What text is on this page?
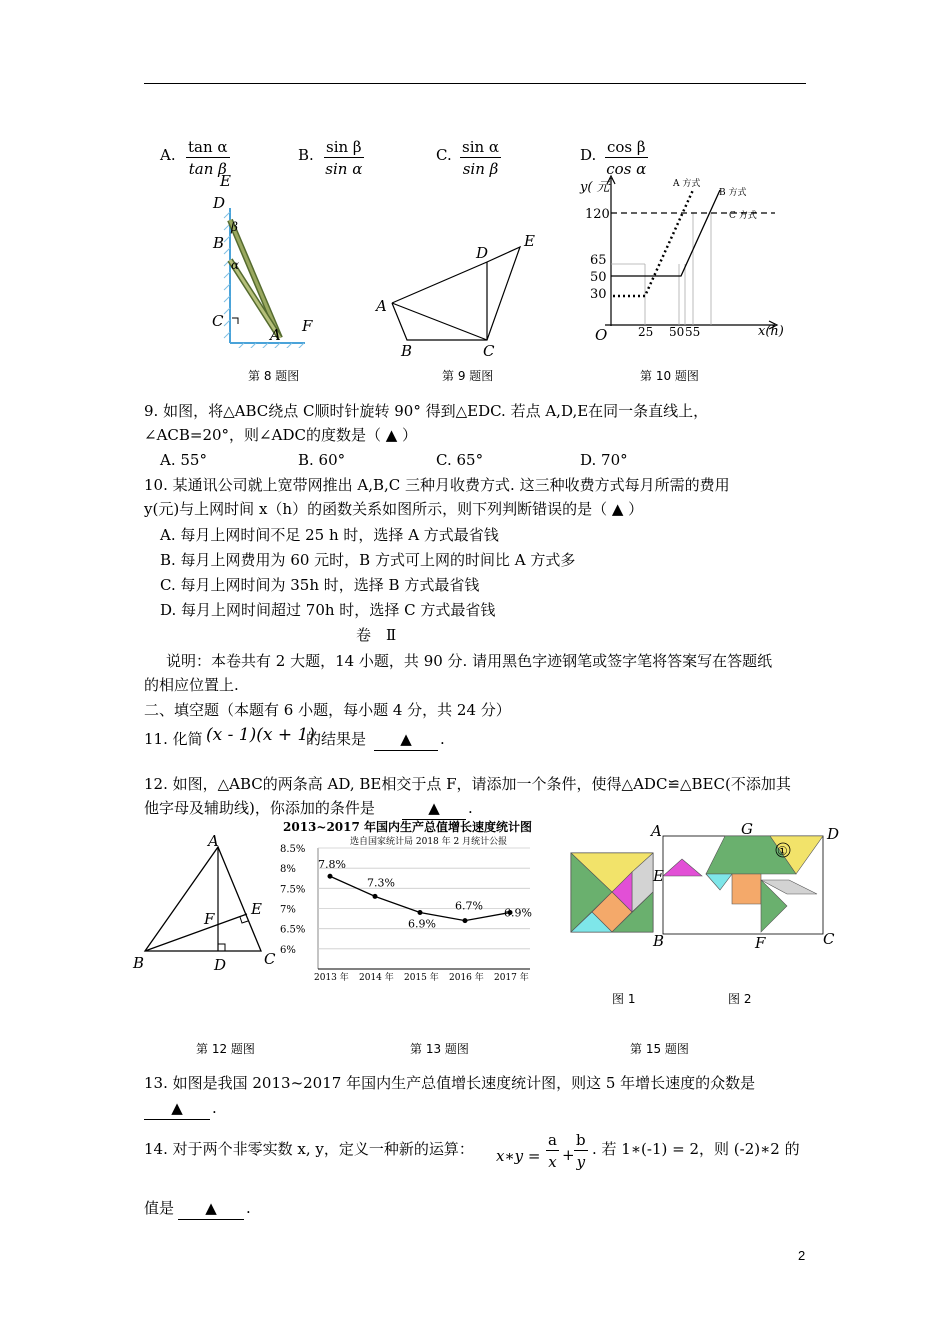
A. $\frac{\text{tan α}}{\text{tan β}}$	B. $\frac{\text{sin β}}{\text{sin α}}$	C. $\frac{\text{sin α}}{\text{sin β}}$	D. $\frac{\text{cos β}}{\text{cos α}}$
E
D
B
β
α
C
A F
第 8 题图
D
E
A
B	C
第 9 题图
y( 元
x(h)
O
120
65
50
30
25 50 55
A 方式
B 方式
C 方式
第 10 题图
9. 如图，将△ABC绕点 C顺时针旋转 90° 得到△EDC. 若点 A,D,E在同一条直线上，
∠ACB=20°，则∠ADC的度数是（ ▲ ）
A. 55°	B. 60°	C. 65°	D. 70°
10. 某通讯公司就上宽带网推出 A,B,C 三种月收费方式. 这三种收费方式每月所需的费用
y(元)与上网时间 x（h）的函数关系如图所示，则下列判断错误的是（ ▲ ）
A. 每月上网时间不足 25 h 时，选择 A 方式最省钱
B. 每月上网费用为 60 元时，B 方式可上网的时间比 A 方式多
C. 每月上网时间为 35h 时，选择 B 方式最省钱
D. 每月上网时间超过 70h 时，选择 C 方式最省钱
卷　Ⅱ
说明：本卷共有 2 大题，14 小题，共 90 分. 请用黑色字迹钢笔或签字笔将答案写在答题纸
的相应位置上.
二、填空题（本题有 6 小题，每小题 4 分，共 24 分）
11. 化简 (x - 1)(x + 1)
的结果是	▲	.
12. 如图，△ABC的两条高 AD, BE相交于点 F，请添加一个条件，使得△ADC≌△BEC(不添加其
他字母及辅助线)，你添加的条件是	▲	.
A
F
E
B	D	C
第 12 题图
2013~2017 年国内生产总值增长速度统计图
选自国家统计局 2018 年 2 月统计公报
8.5%
8%
7.5%
7%
6.5%
6%
7.8%
7.3%
6.9%
6.7%
6.9%
2013 年 2014 年 2015 年 2016 年 2017 年
第 13 题图
A	G	D
E
B	F	C
①
图 1	图 2
第 15 题图
13. 如图是我国 2013~2017 年国内生产总值增长速度统计图，则这 5 年增长速度的众数是
▲	.
14. 对于两个非零实数 x, y，定义一种新的运算： x∗y = $\frac{a}{x} + \frac{b}{y}$ . 若 1∗(-1) = 2，则 (-2)∗2 的
值是	▲	.
2
